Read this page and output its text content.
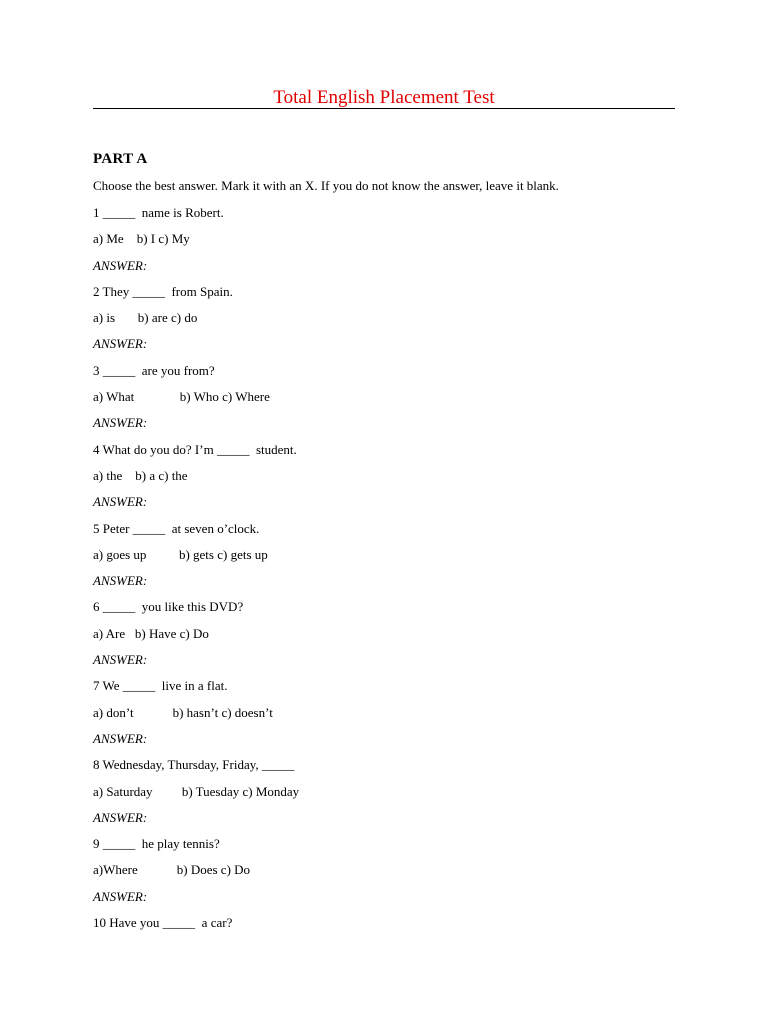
Total English Placement Test
PART A
Choose the best answer. Mark it with an X. If you do not know the answer, leave it blank.
1 _____  name is Robert.
a) Me b) I c) My
ANSWER:
2 They _____  from Spain.
a) is b) are c) do
ANSWER:
3 _____  are you from?
a) What	b) Who c) Where
ANSWER:
4 What do you do? I’m _____  student.
a) the b) a c) the
ANSWER:
5 Peter _____  at seven o’clock.
a) goes up	b) gets c) gets up
ANSWER:
6 _____  you like this DVD?
a) Are b) Have c) Do
ANSWER:
7 We _____  live in a flat.
a) don’t	b) hasn’t c) doesn’t
ANSWER:
8 Wednesday, Thursday, Friday, _____
a) Saturday b) Tuesday c) Monday
ANSWER:
9 _____  he play tennis?
a)Where	b) Does c) Do
ANSWER:
10 Have you _____  a car?
